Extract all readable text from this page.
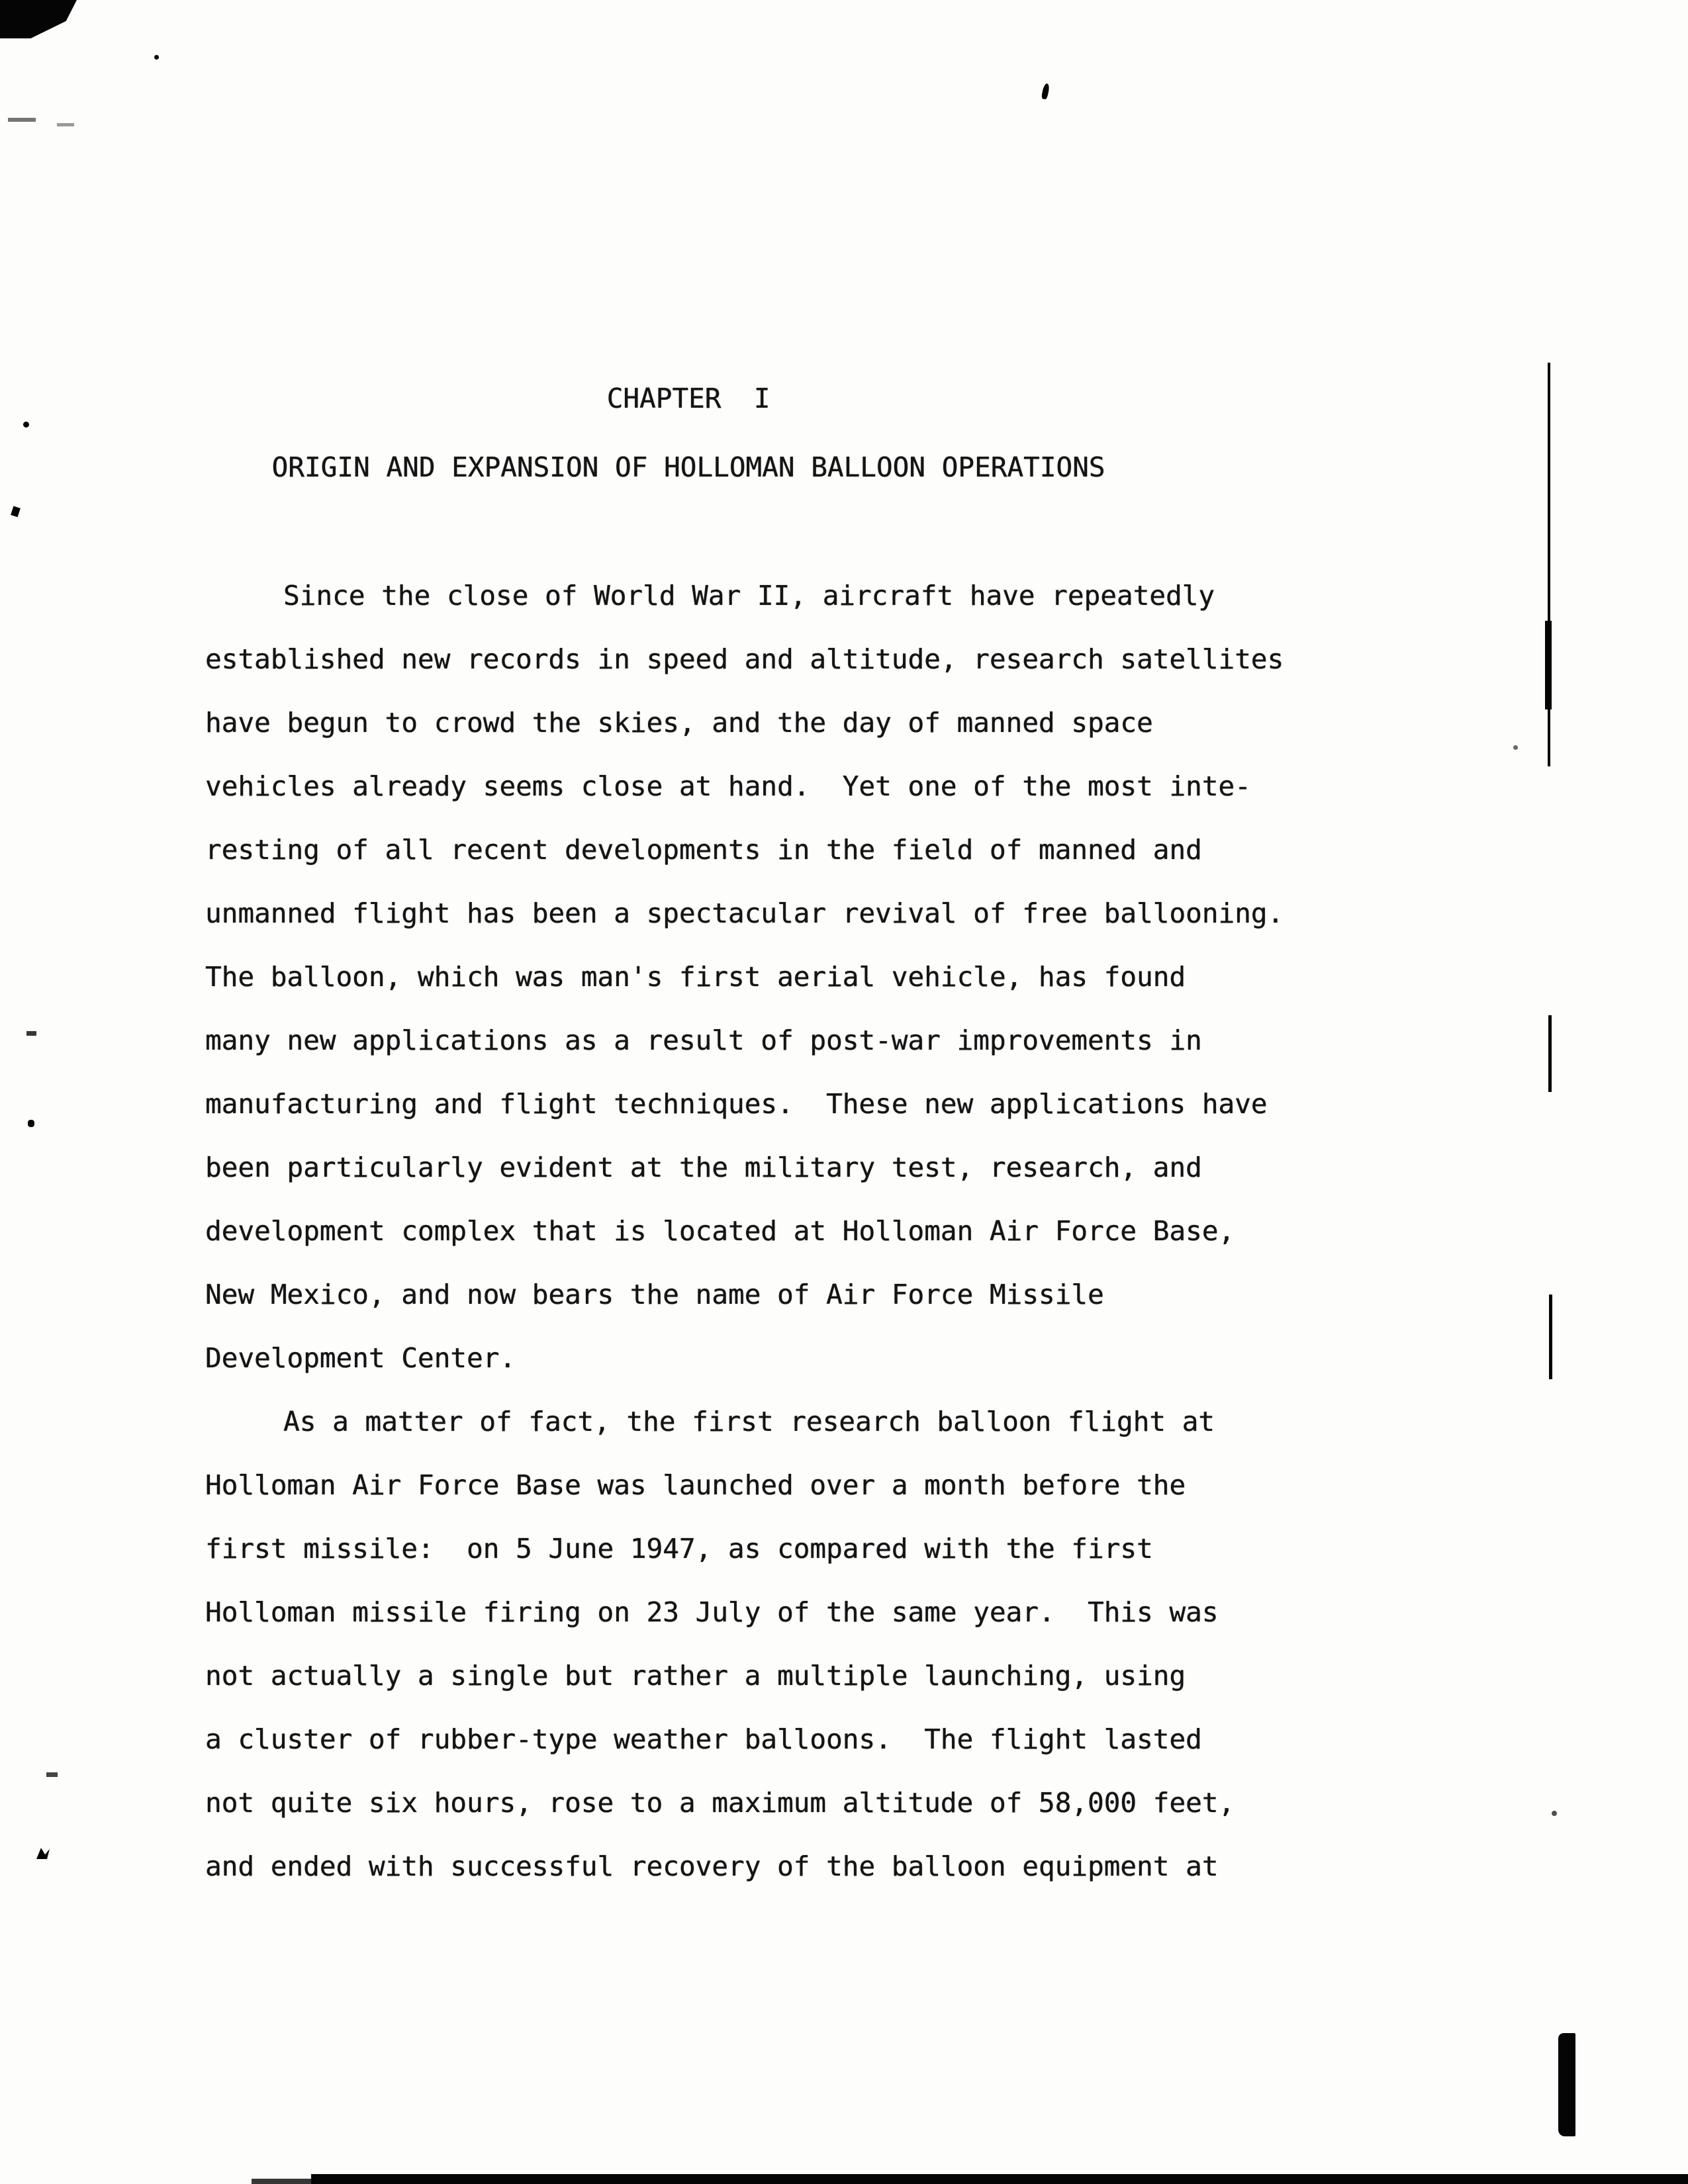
CHAPTER  I
ORIGIN AND EXPANSION OF HOLLOMAN BALLOON OPERATIONS
Since the close of World War II, aircraft have repeatedly
established new records in speed and altitude, research satellites
have begun to crowd the skies, and the day of manned space
vehicles already seems close at hand.  Yet one of the most inte-
resting of all recent developments in the field of manned and
unmanned flight has been a spectacular revival of free ballooning.
The balloon, which was man's first aerial vehicle, has found
many new applications as a result of post-war improvements in
manufacturing and flight techniques.  These new applications have
been particularly evident at the military test, research, and
development complex that is located at Holloman Air Force Base,
New Mexico, and now bears the name of Air Force Missile
Development Center.
As a matter of fact, the first research balloon flight at
Holloman Air Force Base was launched over a month before the
first missile:  on 5 June 1947, as compared with the first
Holloman missile firing on 23 July of the same year.  This was
not actually a single but rather a multiple launching, using
a cluster of rubber-type weather balloons.  The flight lasted
not quite six hours, rose to a maximum altitude of 58,000 feet,
and ended with successful recovery of the balloon equipment at
